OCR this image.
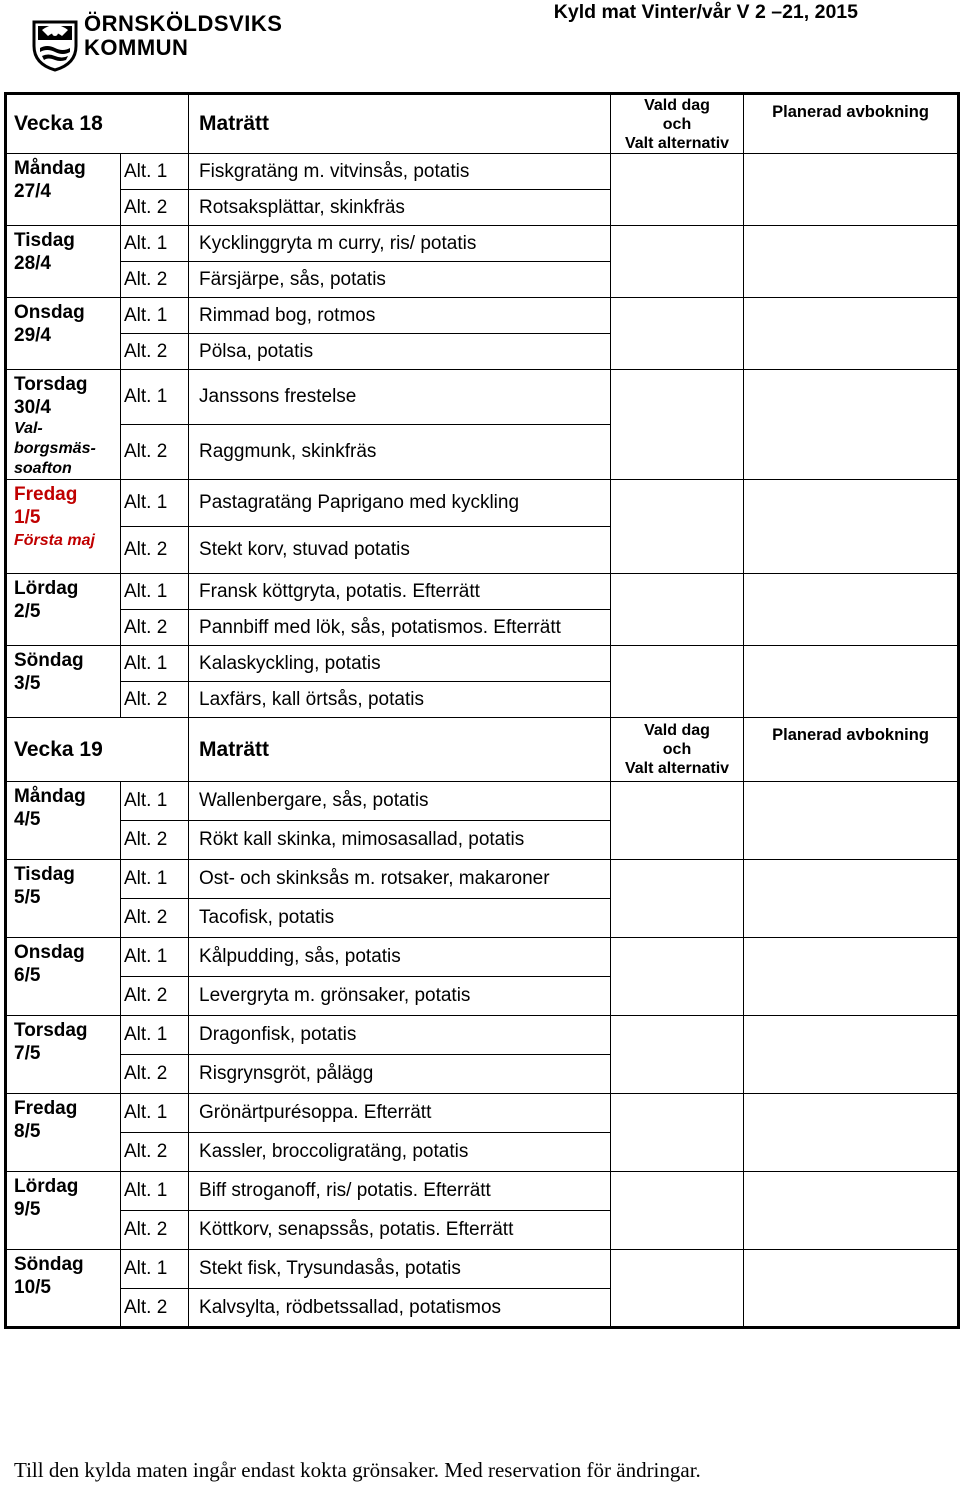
ÖRNSKÖLDSVIKS
KOMMUN
Kyld mat Vinter/vår V 2 –21, 2015
Vecka 18		Maträtt	Vald dag
och
Valt alternativ	Planerad avbokning

Måndag
27/4	Alt. 1	Fiskgratäng m. vitvinsås, potatis		
	Alt. 2	Rotsaksplättar, skinkfräs		

Tisdag
28/4	Alt. 1	Kycklinggryta m curry, ris/ potatis		
	Alt. 2	Färsjärpe, sås, potatis		

Onsdag
29/4	Alt. 1	Rimmad bog, rotmos		
	Alt. 2	Pölsa, potatis		

Torsdag
30/4
Val-borgsmäs-soafton	Alt. 1	Janssons frestelse		
	Alt. 2	Raggmunk, skinkfräs		

Fredag
1/5
Första maj	Alt. 1	Pastagratäng Paprigano med kyckling		
	Alt. 2	Stekt korv, stuvad potatis		

Lördag
2/5	Alt. 1	Fransk köttgryta, potatis. Efterrätt		
	Alt. 2	Pannbiff med lök, sås, potatismos. Efterrätt		

Söndag
3/5	Alt. 1	Kalaskyckling, potatis		
	Alt. 2	Laxfärs, kall örtsås, potatis		
Vecka 19		Maträtt	Vald dag
och
Valt alternativ	Planerad avbokning

Måndag
4/5	Alt. 1	Wallenbergare, sås, potatis		
	Alt. 2	Rökt kall skinka, mimosasallad, potatis		

Tisdag
5/5	Alt. 1	Ost- och skinksås m. rotsaker, makaroner		
	Alt. 2	Tacofisk, potatis		

Onsdag
6/5	Alt. 1	Kålpudding, sås, potatis		
	Alt. 2	Levergryta m. grönsaker, potatis		

Torsdag
7/5	Alt. 1	Dragonfisk, potatis		
	Alt. 2	Risgrynsgröt, pålägg		

Fredag
8/5	Alt. 1	Grönärtpurésoppa. Efterrätt		
	Alt. 2	Kassler, broccoligratäng, potatis		

Lördag
9/5	Alt. 1	Biff stroganoff, ris/ potatis. Efterrätt		
	Alt. 2	Köttkorv, senapssås, potatis. Efterrätt		

Söndag
10/5	Alt. 1	Stekt fisk, Trysundasås, potatis		
	Alt. 2	Kalvsylta, rödbetssallad, potatismos		
Till den kylda maten ingår endast kokta grönsaker. Med reservation för ändringar.
